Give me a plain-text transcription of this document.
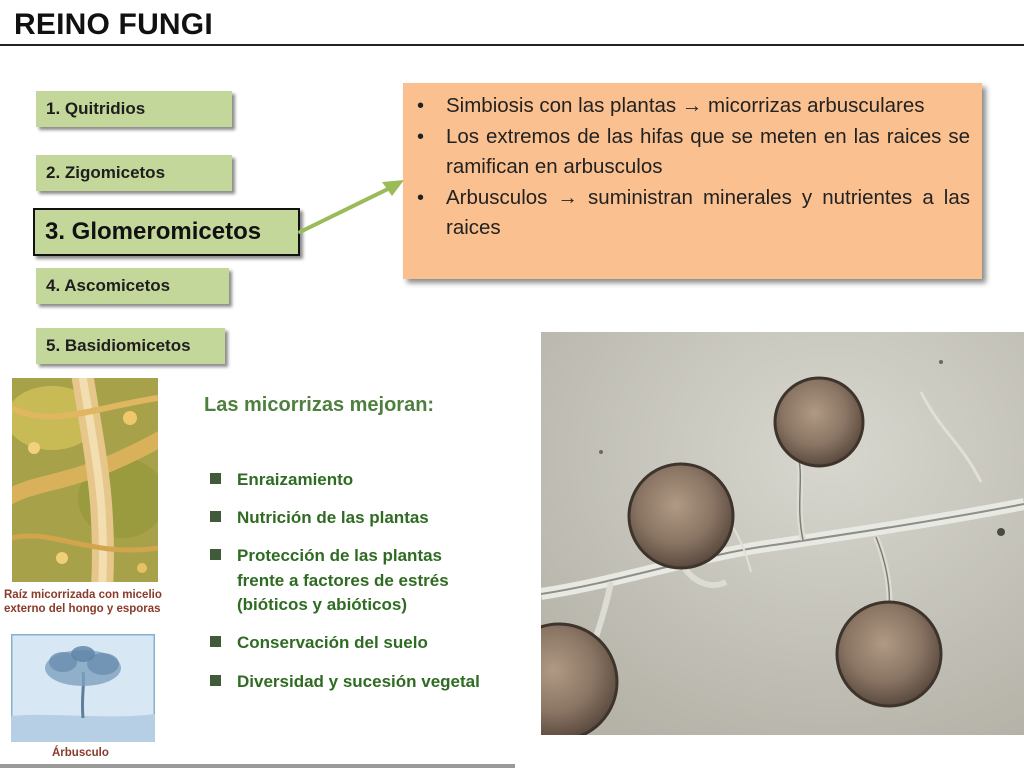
REINO FUNGI
1. Quitridios
2. Zigomicetos
3. Glomeromicetos
4. Ascomicetos
5. Basidiomicetos
• Simbiosis con las plantas → micorrizas arbusculares
• Los extremos de las hifas que se meten en las raices se ramifican en arbusculos
• Arbusculos → suministran minerales y nutrientes a las raices
Raíz micorrizada con micelio externo del hongo y esporas
Árbusculo
Las micorrizas mejoran:
Enraizamiento
Nutrición de las plantas
Protección de las plantas frente a factores de estrés (bióticos y abióticos)
Conservación del suelo
Diversidad y sucesión vegetal
